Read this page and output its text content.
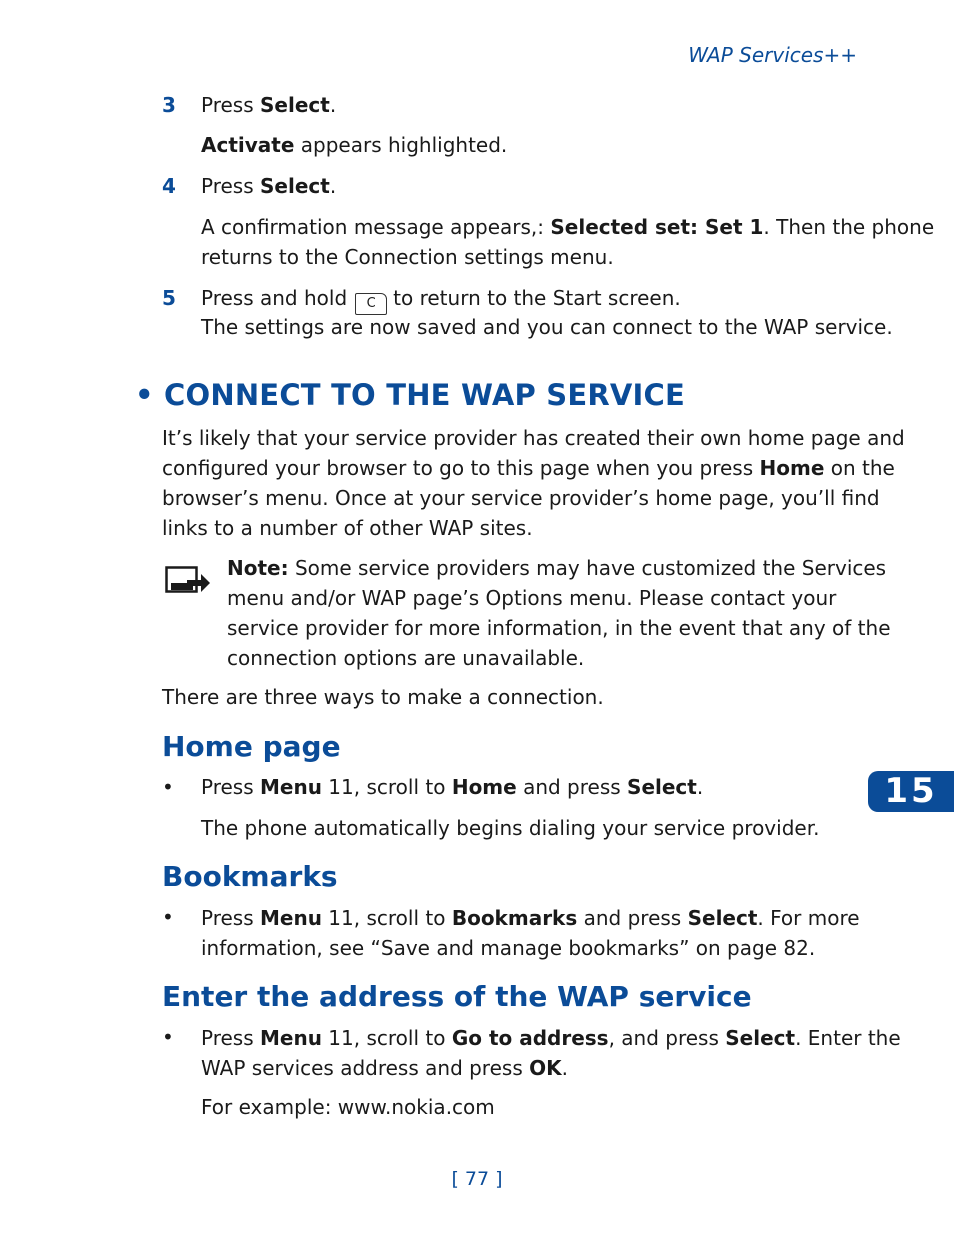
WAP Services++
3 Press Select.
Activate appears highlighted.
4 Press Select.
A confirmation message appears,: Selected set: Set 1. Then the phone
returns to the Connection settings menu.
5 Press and hold C to return to the Start screen.
The settings are now saved and you can connect to the WAP service.
• CONNECT TO THE WAP SERVICE
It’s likely that your service provider has created their own home page and
configured your browser to go to this page when you press Home on the
browser’s menu. Once at your service provider’s home page, you’ll find
links to a number of other WAP sites.
Note: Some service providers may have customized the Services
menu and/or WAP page’s Options menu. Please contact your
service provider for more information, in the event that any of the
connection options are unavailable.
There are three ways to make a connection.
Home page
• Press Menu 11, scroll to Home and press Select.
The phone automatically begins dialing your service provider.
Bookmarks
• Press Menu 11, scroll to Bookmarks and press Select. For more
information, see “Save and manage bookmarks” on page 82.
Enter the address of the WAP service
• Press Menu 11, scroll to Go to address, and press Select. Enter the
WAP services address and press OK.
For example: www.nokia.com
15
[ 77 ]
